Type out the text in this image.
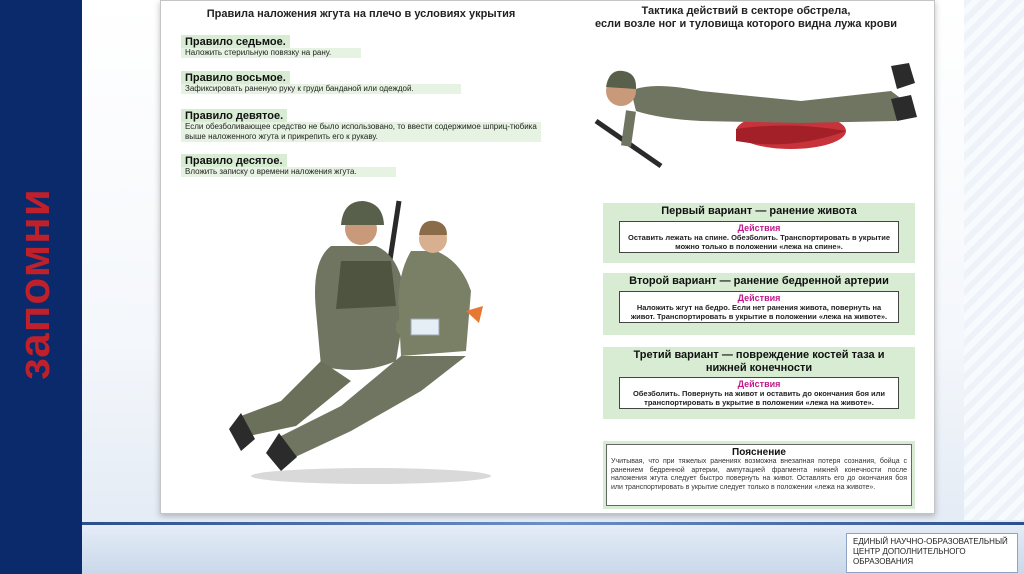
запомни
ЕДИНЫЙ НАУЧНО-ОБРАЗОВАТЕЛЬНЫЙ
ЦЕНТР ДОПОЛНИТЕЛЬНОГО
ОБРАЗОВАНИЯ
Правила наложения жгута на плечо в условиях укрытия
Правило седьмое.
Наложить стерильную повязку на рану.
Правило восьмое.
Зафиксировать раненую руку к груди банданой или одеждой.
Правило девятое.
Если обезболивающее средство не было использовано, то ввести содержимое шприц-тюбика выше наложенного жгута и прикрепить его к рукаву.
Правило десятое.
Вложить записку о времени наложения жгута.
Тактика действий в секторе обстрела,
если возле ног и туловища которого видна лужа крови
Первый вариант — ранение живота
Действия
Оставить лежать на спине. Обезболить. Транспортировать в укрытие можно только в положении «лежа на спине».
Второй вариант — ранение бедренной артерии
Действия
Наложить жгут на бедро. Если нет ранения живота, повернуть на живот. Транспортировать в укрытие в положении «лежа на животе».
Третий вариант — повреждение костей таза и нижней конечности
Действия
Обезболить. Повернуть на живот и оставить до окончания боя или транспортировать в укрытие в положении «лежа на животе».
Пояснение
Учитывая, что при тяжелых ранениях возможна внезапная потеря сознания, бойца с ранением бедренной артерии, ампутацией фрагмента нижней конечности после наложения жгута следует быстро повернуть на живот. Оставлять его до окончания боя или транспортировать в укрытие следует только в положении «лежа на животе».
